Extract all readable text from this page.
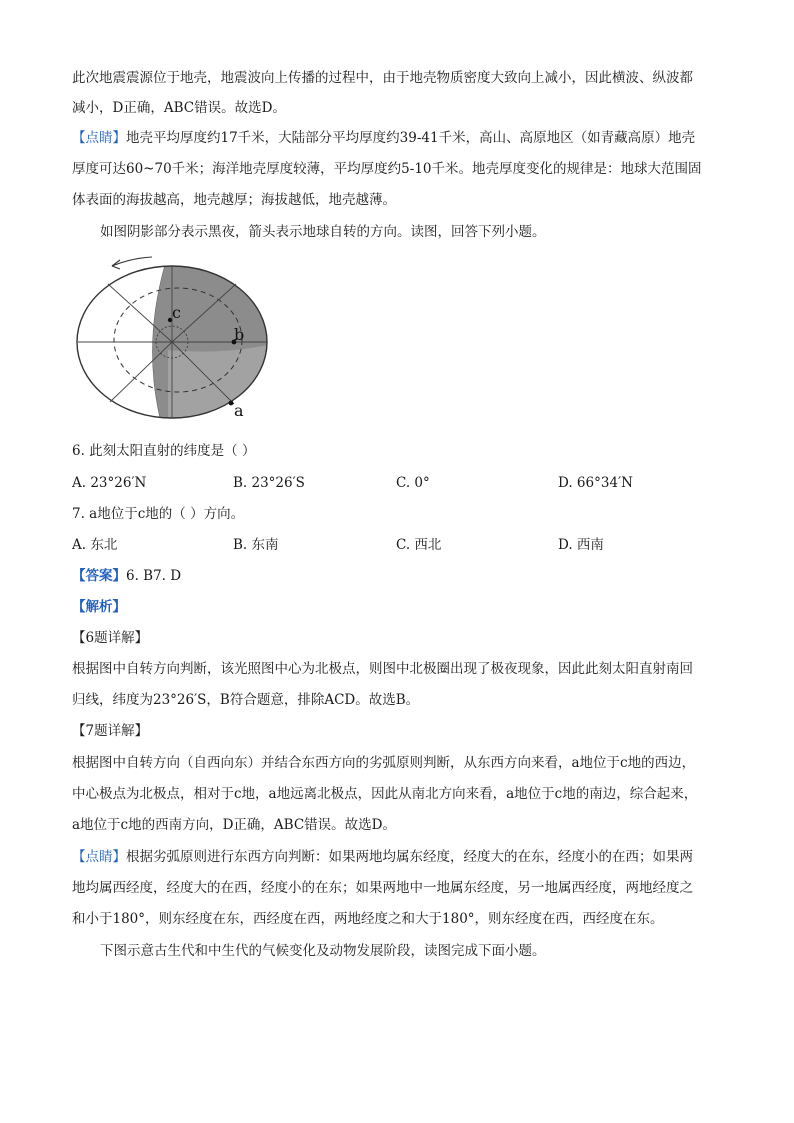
此次地震震源位于地壳，地震波向上传播的过程中，由于地壳物质密度大致向上减小，因此横波、纵波都
减小，D正确，ABC错误。故选D。
【点睛】地壳平均厚度约17千米，大陆部分平均厚度约39-41千米，高山、高原地区（如青藏高原）地壳
厚度可达60~70千米；海洋地壳厚度较薄，平均厚度约5-10千米。地壳厚度变化的规律是：地球大范围固
体表面的海拔越高，地壳越厚；海拔越低，地壳越薄。
如图阴影部分表示黑夜，箭头表示地球自转的方向。读图，回答下列小题。
c
b
a
6. 此刻太阳直射的纬度是（ ）
A. 23°26′N	B. 23°26′S	C. 0°	D. 66°34′N
7. a地位于c地的（ ）方向。
A. 东北	B. 东南	C. 西北	D. 西南
【答案】6. B7. D
【解析】
【6题详解】
根据图中自转方向判断，该光照图中心为北极点，则图中北极圈出现了极夜现象，因此此刻太阳直射南回
归线，纬度为23°26′S，B符合题意，排除ACD。故选B。
【7题详解】
根据图中自转方向（自西向东）并结合东西方向的劣弧原则判断，从东西方向来看，a地位于c地的西边，
中心极点为北极点，相对于c地，a地远离北极点，因此从南北方向来看，a地位于c地的南边，综合起来，
a地位于c地的西南方向，D正确，ABC错误。故选D。
【点睛】根据劣弧原则进行东西方向判断：如果两地均属东经度，经度大的在东，经度小的在西；如果两
地均属西经度，经度大的在西，经度小的在东；如果两地中一地属东经度，另一地属西经度，两地经度之
和小于180°，则东经度在东，西经度在西，两地经度之和大于180°，则东经度在西，西经度在东。
下图示意古生代和中生代的气候变化及动物发展阶段，读图完成下面小题。
